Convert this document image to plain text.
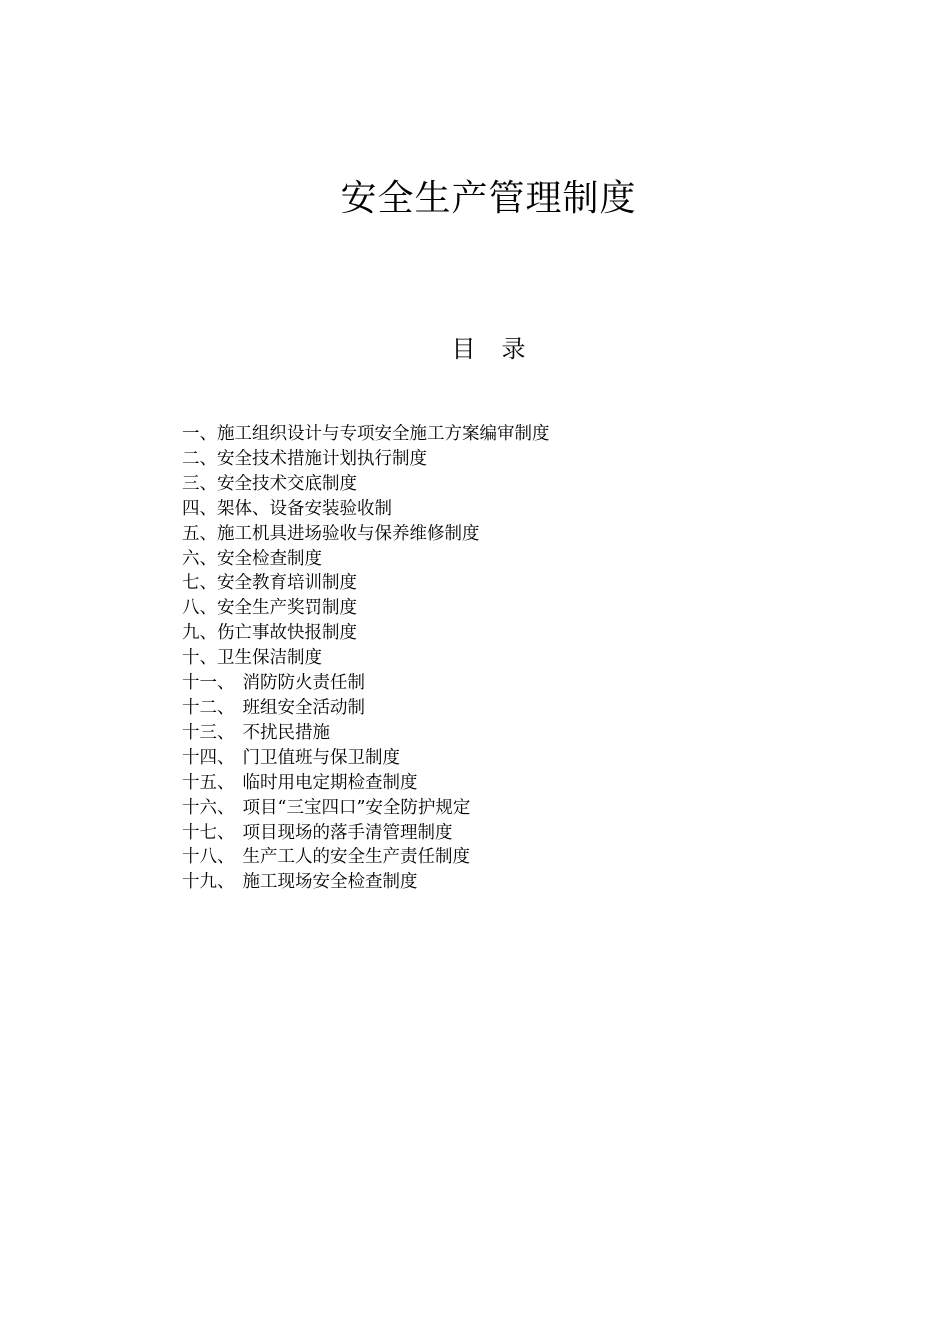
安全生产管理制度
目 录
一、 施工组织设计与专项安全施工方案编审制度
二、 安全技术措施计划执行制度
三、 安全技术交底制度
四、 架体、设备安装验收制
五、 施工机具进场验收与保养维修制度
六、 安全检查制度
七、 安全教育培训制度
八、 安全生产奖罚制度
九、 伤亡事故快报制度
十、 卫生保洁制度
十一、 消防防火责任制
十二、 班组安全活动制
十三、 不扰民措施
十四、 门卫值班与保卫制度
十五、 临时用电定期检查制度
十六、 项目“三宝四口”安全防护规定
十七、 项目现场的落手清管理制度
十八、 生产工人的安全生产责任制度
十九、 施工现场安全检查制度
